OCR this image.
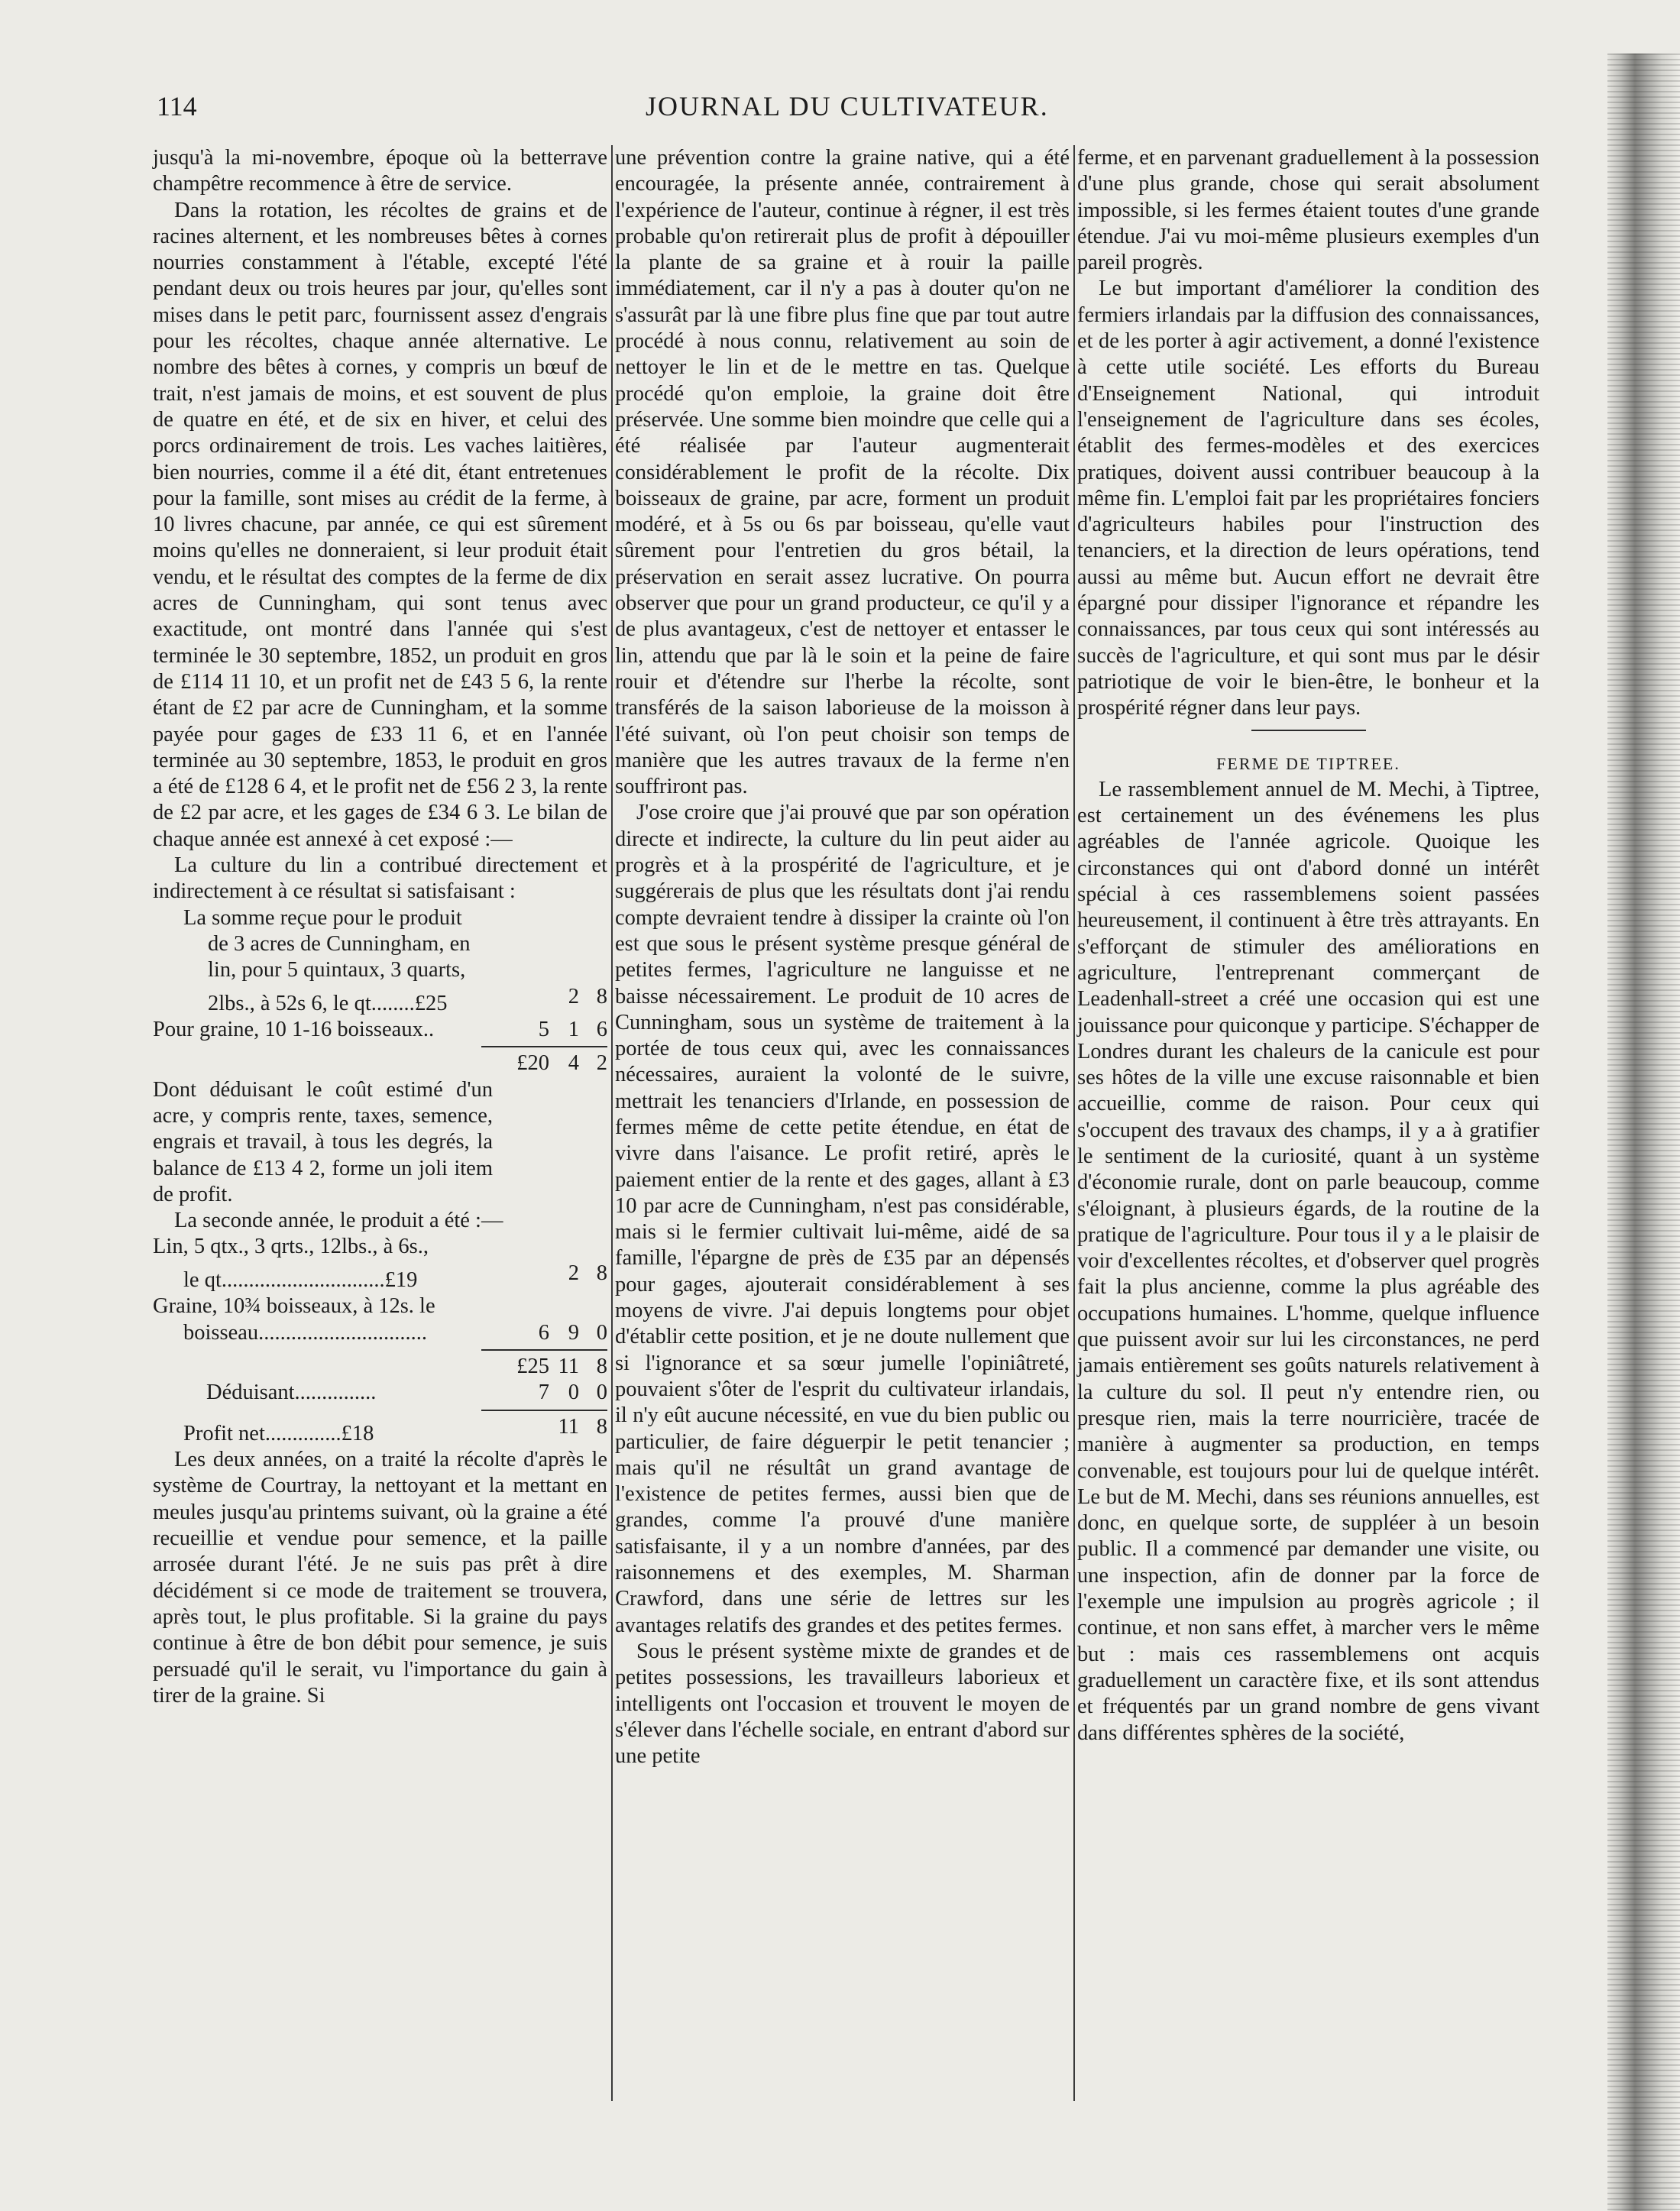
114	JOURNAL DU CULTIVATEUR.

jusqu'à la mi-novembre, époque où la betterrave champêtre recommence à être de service.

Dans la rotation, les récoltes de grains et de racines alternent, et les nombreuses bêtes à cornes nourries constamment à l'étable, excepté l'été pendant deux ou trois heures par jour, qu'elles sont mises dans le petit parc, fournissent assez d'engrais pour les récoltes, chaque année alternative. Le nombre des bêtes à cornes, y compris un bœuf de trait, n'est jamais de moins, et est souvent de plus de quatre en été, et de six en hiver, et celui des porcs ordinairement de trois. Les vaches laitières, bien nourries, comme il a été dit, étant entretenues pour la famille, sont mises au crédit de la ferme, à 10 livres chacune, par année, ce qui est sûrement moins qu'elles ne donneraient, si leur produit était vendu, et le résultat des comptes de la ferme de dix acres de Cunningham, qui sont tenus avec exactitude, ont montré dans l'année qui s'est terminée le 30 septembre, 1852, un produit en gros de £114 11 10, et un profit net de £43 5 6, la rente étant de £2 par acre de Cunningham, et la somme payée pour gages de £33 11 6, et en l'année terminée au 30 septembre, 1853, le produit en gros a été de £128 6 4, et le profit net de £56 2 3, la rente de £2 par acre, et les gages de £34 6 3. Le bilan de chaque année est annexé à cet exposé :—

La culture du lin a contribué directement et indirectement à ce résultat si satisfaisant :

La somme reçue pour le produit
de 3 acres de Cunningham, en
lin, pour 5 quintaux, 3 quarts,
2lbs., à 52s 6, le qt........£25	2 8
Pour graine, 10 1-16 boisseaux..	5 1 6
£20 4 2

Dont déduisant le coût estimé d'un acre, y compris rente, taxes, semence, engrais et travail, à tous les degrés, la balance de £13 4 2, forme un joli item de profit.

La seconde année, le produit a été :—

Lin, 5 qtx., 3 qrts., 12lbs., à 6s.,
le qt..............................£19	2 8
Graine, 10¾ boisseaux, à 12s. le
boisseau...............................	6 9 0
£25 11 8
Déduisant...............	7 0 0
Profit net..............£18	11 8

Les deux années, on a traité la récolte d'après le système de Courtray, la nettoyant et la mettant en meules jusqu'au printems suivant, où la graine a été recueillie et vendue pour semence, et la paille arrosée durant l'été. Je ne suis pas prêt à dire décidément si ce mode de traitement se trouvera, après tout, le plus profitable. Si la graine du pays continue à être de bon débit pour semence, je suis persuadé qu'il le serait, vu l'importance du gain à tirer de la graine. Si

une prévention contre la graine native, qui a été encouragée, la présente année, contrairement à l'expérience de l'auteur, continue à régner, il est très probable qu'on retirerait plus de profit à dépouiller la plante de sa graine et à rouir la paille immédiatement, car il n'y a pas à douter qu'on ne s'assurât par là une fibre plus fine que par tout autre procédé à nous connu, relativement au soin de nettoyer le lin et de le mettre en tas. Quelque procédé qu'on emploie, la graine doit être préservée. Une somme bien moindre que celle qui a été réalisée par l'auteur augmenterait considérablement le profit de la récolte. Dix boisseaux de graine, par acre, forment un produit modéré, et à 5s ou 6s par boisseau, qu'elle vaut sûrement pour l'entretien du gros bétail, la préservation en serait assez lucrative. On pourra observer que pour un grand producteur, ce qu'il y a de plus avantageux, c'est de nettoyer et entasser le lin, attendu que par là le soin et la peine de faire rouir et d'étendre sur l'herbe la récolte, sont transférés de la saison laborieuse de la moisson à l'été suivant, où l'on peut choisir son temps de manière que les autres travaux de la ferme n'en souffriront pas.

J'ose croire que j'ai prouvé que par son opération directe et indirecte, la culture du lin peut aider au progrès et à la prospérité de l'agriculture, et je suggérerais de plus que les résultats dont j'ai rendu compte devraient tendre à dissiper la crainte où l'on est que sous le présent système presque général de petites fermes, l'agriculture ne languisse et ne baisse nécessairement. Le produit de 10 acres de Cunningham, sous un système de traitement à la portée de tous ceux qui, avec les connaissances nécessaires, auraient la volonté de le suivre, mettrait les tenanciers d'Irlande, en possession de fermes même de cette petite étendue, en état de vivre dans l'aisance. Le profit retiré, après le paiement entier de la rente et des gages, allant à £3 10 par acre de Cunningham, n'est pas considérable, mais si le fermier cultivait lui-même, aidé de sa famille, l'épargne de près de £35 par an dépensés pour gages, ajouterait considérablement à ses moyens de vivre. J'ai depuis longtems pour objet d'établir cette position, et je ne doute nullement que si l'ignorance et sa sœur jumelle l'opiniâtreté, pouvaient s'ôter de l'esprit du cultivateur irlandais, il n'y eût aucune nécessité, en vue du bien public ou particulier, de faire déguerpir le petit tenancier ; mais qu'il ne résultât un grand avantage de l'existence de petites fermes, aussi bien que de grandes, comme l'a prouvé d'une manière satisfaisante, il y a un nombre d'années, par des raisonnemens et des exemples, M. Sharman Crawford, dans une série de lettres sur les avantages relatifs des grandes et des petites fermes.

Sous le présent système mixte de grandes et de petites possessions, les travailleurs laborieux et intelligents ont l'occasion et trouvent le moyen de s'élever dans l'échelle sociale, en entrant d'abord sur une petite

ferme, et en parvenant graduellement à la possession d'une plus grande, chose qui serait absolument impossible, si les fermes étaient toutes d'une grande étendue. J'ai vu moi-même plusieurs exemples d'un pareil progrès.

Le but important d'améliorer la condition des fermiers irlandais par la diffusion des connaissances, et de les porter à agir activement, a donné l'existence à cette utile société. Les efforts du Bureau d'Enseignement National, qui introduit l'enseignement de l'agriculture dans ses écoles, établit des fermes-modèles et des exercices pratiques, doivent aussi contribuer beaucoup à la même fin. L'emploi fait par les propriétaires fonciers d'agriculteurs habiles pour l'instruction des tenanciers, et la direction de leurs opérations, tend aussi au même but. Aucun effort ne devrait être épargné pour dissiper l'ignorance et répandre les connaissances, par tous ceux qui sont intéressés au succès de l'agriculture, et qui sont mus par le désir patriotique de voir le bien-être, le bonheur et la prospérité régner dans leur pays.

FERME DE TIPTREE.

Le rassemblement annuel de M. Mechi, à Tiptree, est certainement un des événemens les plus agréables de l'année agricole. Quoique les circonstances qui ont d'abord donné un intérêt spécial à ces rassemblemens soient passées heureusement, il continuent à être très attrayants. En s'efforçant de stimuler des améliorations en agriculture, l'entreprenant commerçant de Leadenhall-street a créé une occasion qui est une jouissance pour quiconque y participe. S'échapper de Londres durant les chaleurs de la canicule est pour ses hôtes de la ville une excuse raisonnable et bien accueillie, comme de raison. Pour ceux qui s'occupent des travaux des champs, il y a à gratifier le sentiment de la curiosité, quant à un système d'économie rurale, dont on parle beaucoup, comme s'éloignant, à plusieurs égards, de la routine de la pratique de l'agriculture. Pour tous il y a le plaisir de voir d'excellentes récoltes, et d'observer quel progrès fait la plus ancienne, comme la plus agréable des occupations humaines. L'homme, quelque influence que puissent avoir sur lui les circonstances, ne perd jamais entièrement ses goûts naturels relativement à la culture du sol. Il peut n'y entendre rien, ou presque rien, mais la terre nourricière, tracée de manière à augmenter sa production, en temps convenable, est toujours pour lui de quelque intérêt. Le but de M. Mechi, dans ses réunions annuelles, est donc, en quelque sorte, de suppléer à un besoin public. Il a commencé par demander une visite, ou une inspection, afin de donner par la force de l'exemple une impulsion au progrès agricole ; il continue, et non sans effet, à marcher vers le même but : mais ces rassemblemens ont acquis graduellement un caractère fixe, et ils sont attendus et fréquentés par un grand nombre de gens vivant dans différentes sphères de la société,
